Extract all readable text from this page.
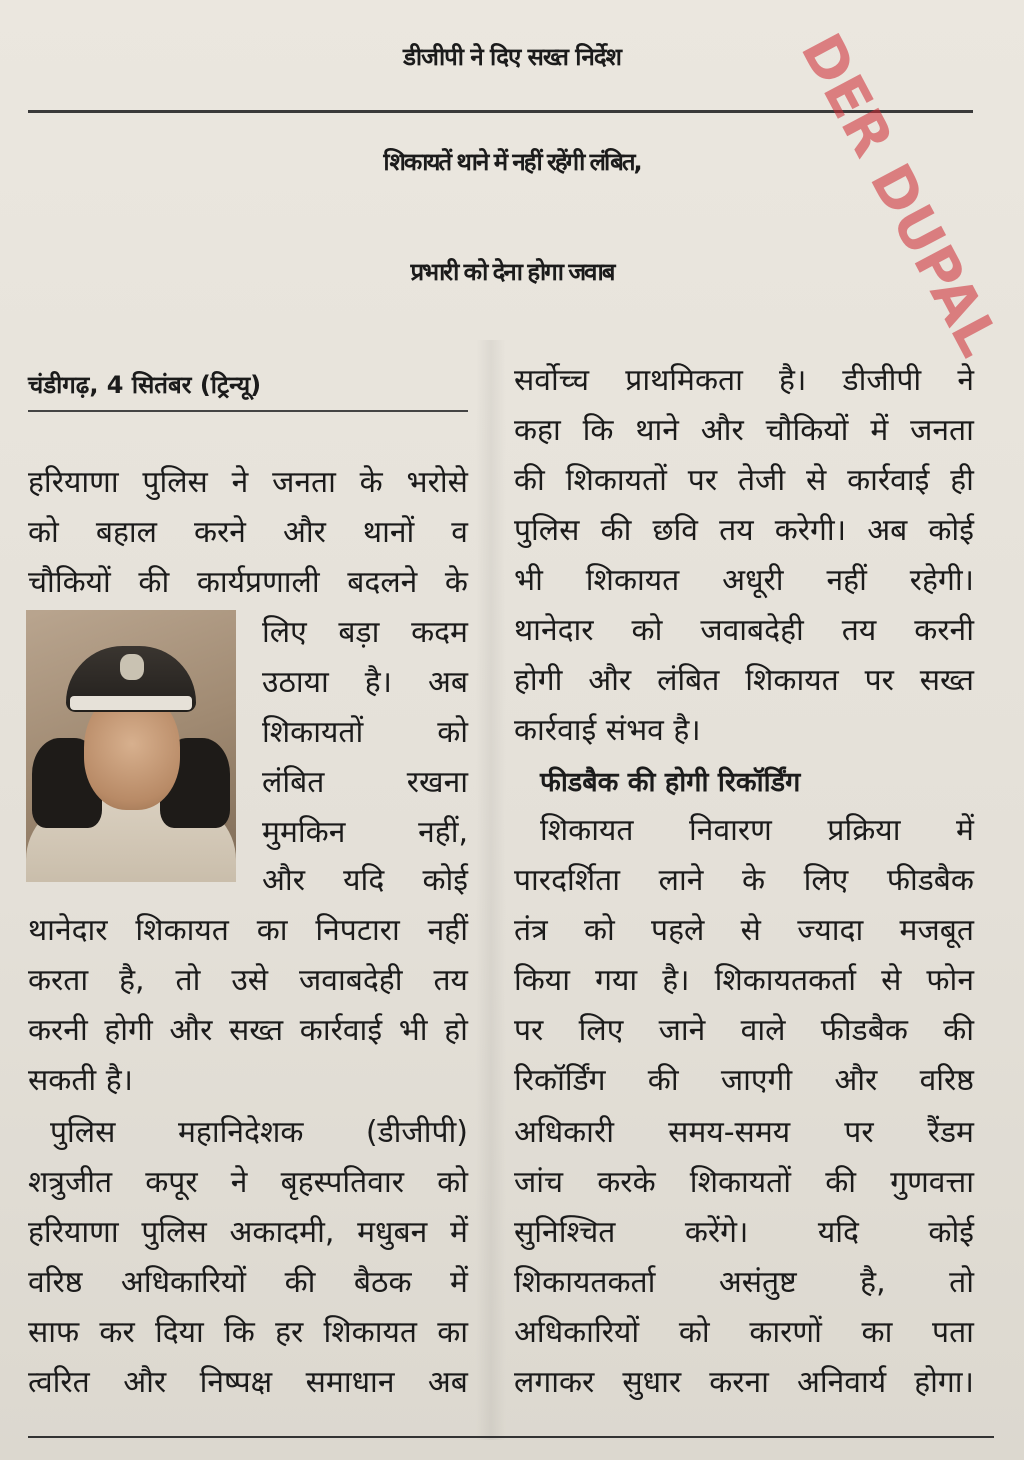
डीजीपी ने दिए सख्त निर्देश
शिकायतें थाने में नहीं रहेंगी लंबित,
प्रभारी को देना होगा जवाब	DER DUPAL
चंडीगढ़, 4 सितंबर (ट्रिन्यू)
हरियाणा पुलिस ने जनता के भरोसे
को बहाल करने और थानों व
चौकियों की कार्यप्रणाली बदलने के
लिए बड़ा कदम
उठाया है। अब
शिकायतों को
लंबित	रखना
मुमकिन नहीं,
और यदि कोई
थानेदार शिकायत का निपटारा नहीं
करता है, तो उसे जवाबदेही तय
करनी होगी और सख्त कार्रवाई भी हो
सकती है।
पुलिस महानिदेशक (डीजीपी)
शत्रुजीत कपूर ने बृहस्पतिवार को
हरियाणा पुलिस अकादमी, मधुबन में
वरिष्ठ अधिकारियों की बैठक में
साफ कर दिया कि हर शिकायत का
त्वरित और निष्पक्ष समाधान अब
सर्वोच्च प्राथमिकता है। डीजीपी ने
कहा कि थाने और चौकियों में जनता
की शिकायतों पर तेजी से कार्रवाई ही
पुलिस की छवि तय करेगी। अब कोई
भी शिकायत अधूरी नहीं रहेगी।
थानेदार को जवाबदेही तय करनी
होगी और लंबित शिकायत पर सख्त
कार्रवाई संभव है।
शिकायत निवारण प्रक्रिया में
पारदर्शिता लाने के लिए फीडबैक
तंत्र को पहले से ज्यादा मजबूत
किया गया है। शिकायतकर्ता से फोन
पर लिए जाने वाले फीडबैक की
रिकॉर्डिंग की जाएगी और वरिष्ठ
अधिकारी समय-समय पर रैंडम
जांच करके शिकायतों की गुणवत्ता
सुनिश्चित करेंगे। यदि कोई
शिकायतकर्ता असंतुष्ट है, तो
अधिकारियों को कारणों का पता
लगाकर सुधार करना अनिवार्य होगा।
फीडबैक की होगी रिकॉर्डिंग
